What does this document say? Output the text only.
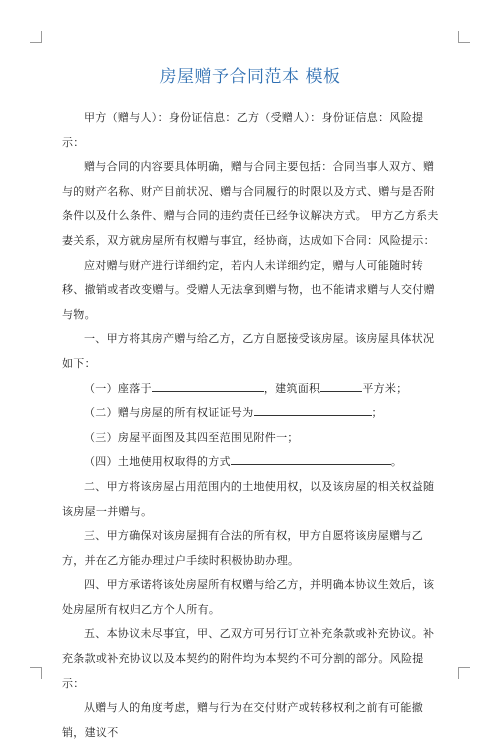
房屋赠予合同范本 模板

甲方（赠与人）：身份证信息：乙方（受赠人）：身份证信息：风险提示：

赠与合同的内容要具体明确，赠与合同主要包括：合同当事人双方、赠与的财产名称、财产目前状况、赠与合同履行的时限以及方式、赠与是否附条件以及什么条件、赠与合同的违约责任已经争议解决方式。 甲方乙方系夫妻关系，双方就房屋所有权赠与事宜，经协商，达成如下合同：风险提示：

应对赠与财产进行详细约定，若内人未详细约定，赠与人可能随时转移、撤销或者改变赠与。受赠人无法拿到赠与物，也不能请求赠与人交付赠与物。

一、甲方将其房产赠与给乙方，乙方自愿接受该房屋。该房屋具体状况如下：

（一）座落于	，建筑面积	平方米；

（二）赠与房屋的所有权证证号为	；

（三）房屋平面图及其四至范围见附件一；

（四）土地使用权取得的方式	。

二、甲方将该房屋占用范围内的土地使用权，以及该房屋的相关权益随该房屋一并赠与。

三、甲方确保对该房屋拥有合法的所有权，甲方自愿将该房屋赠与乙方，并在乙方能办理过户手续时积极协助办理。

四、甲方承诺将该处房屋所有权赠与给乙方，并明确本协议生效后，该处房屋所有权归乙方个人所有。

五、本协议未尽事宜，甲、乙双方可另行订立补充条款或补充协议。补充条款或补充协议以及本契约的附件均为本契约不可分割的部分。风险提示：

从赠与人的角度考虑，赠与行为在交付财产或转移权利之前有可能撤销，建议不
